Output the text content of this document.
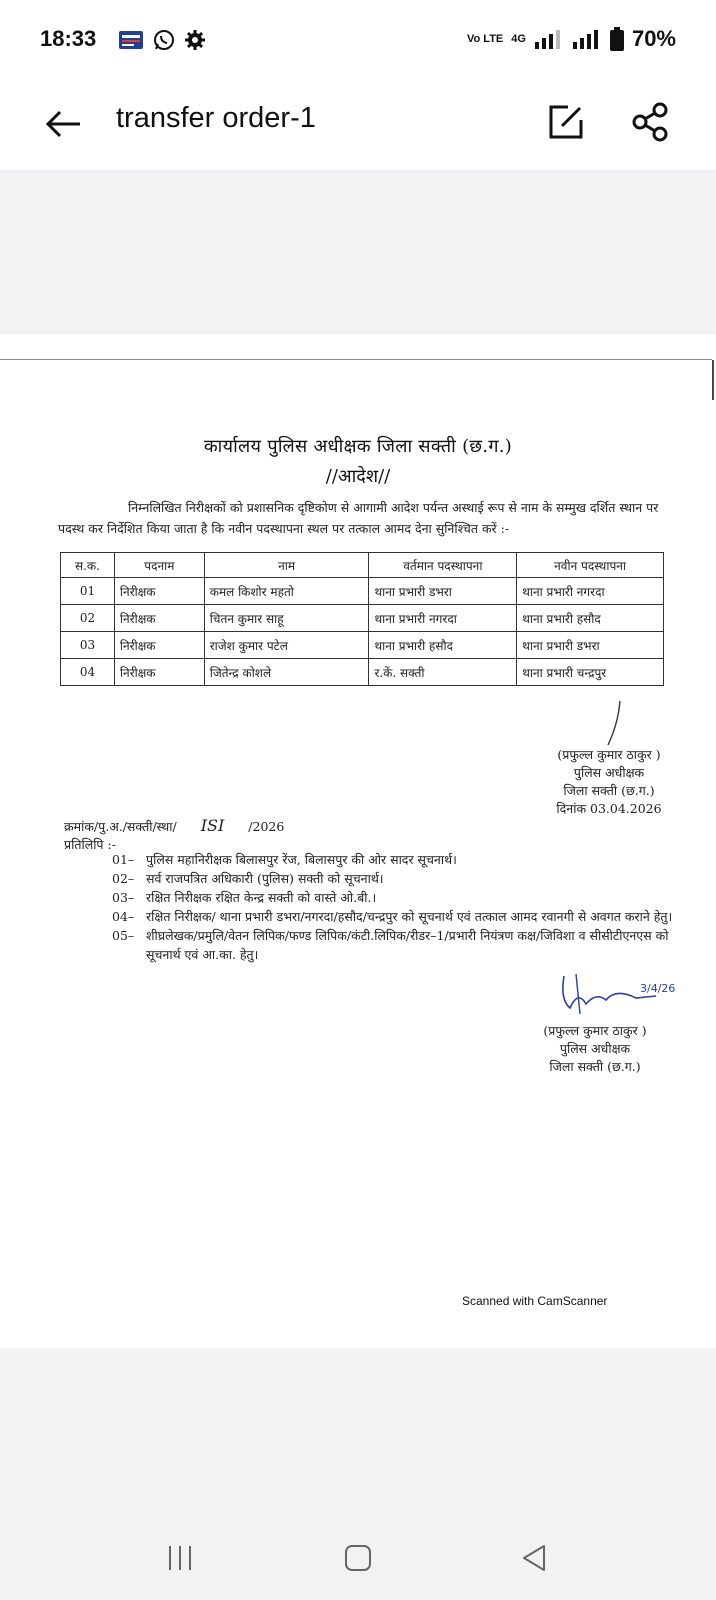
18:33	Vo LTE 4G	70%
transfer order-1
कार्यालय पुलिस अधीक्षक जिला सक्ती (छ.ग.)
//आदेश//
निम्नलिखित निरीक्षकों को प्रशासनिक दृष्टिकोण से आगामी आदेश पर्यन्त अस्थाई रूप से नाम के सम्मुख दर्शित स्थान पर पदस्थ कर निर्देशित किया जाता है कि नवीन पदस्थापना स्थल पर तत्काल आमद देना सुनिश्चित करें :-
स.क.	पदनाम	नाम	वर्तमान पदस्थापना	नवीन पदस्थापना
01	निरीक्षक	कमल किशोर महतो	थाना प्रभारी डभरा	थाना प्रभारी नगरदा
02	निरीक्षक	चितन कुमार साहू	थाना प्रभारी नगरदा	थाना प्रभारी हसौद
03	निरीक्षक	राजेश कुमार पटेल	थाना प्रभारी हसौद	थाना प्रभारी डभरा
04	निरीक्षक	जितेन्द्र कोशले	र.कें. सक्ती	थाना प्रभारी चन्द्रपुर
(प्रफुल्ल कुमार ठाकुर )
पुलिस अधीक्षक
जिला सक्ती (छ.ग.)
दिनांक 03.04.2026
क्रमांक/पु.अ./सक्ती/स्था/ ISI /2026
प्रतिलिपि :-
01– पुलिस महानिरीक्षक बिलासपुर रेंज, बिलासपुर की ओर सादर सूचनार्थ।
02– सर्व राजपत्रित अधिकारी (पुलिस) सक्ती को सूचनार्थ।
03– रक्षित निरीक्षक रक्षित केन्द्र सक्ती को वास्ते ओ.बी.।
04– रक्षित निरीक्षक/ थाना प्रभारी डभरा/नगरदा/हसौद/चन्द्रपुर को सूचनार्थ एवं तत्काल आमद रवानगी से अवगत कराने हेतु।
05– शीघ्रलेखक/प्रमुलि/वेतन लिपिक/फण्ड लिपिक/कंटी.लिपिक/रीडर–1/प्रभारी नियंत्रण कक्ष/जिविशा व सीसीटीएनएस को सूचनार्थ एवं आ.का. हेतु।
3/4/26
(प्रफुल्ल कुमार ठाकुर )
पुलिस अधीक्षक
जिला सक्ती (छ.ग.)
Scanned with CamScanner
